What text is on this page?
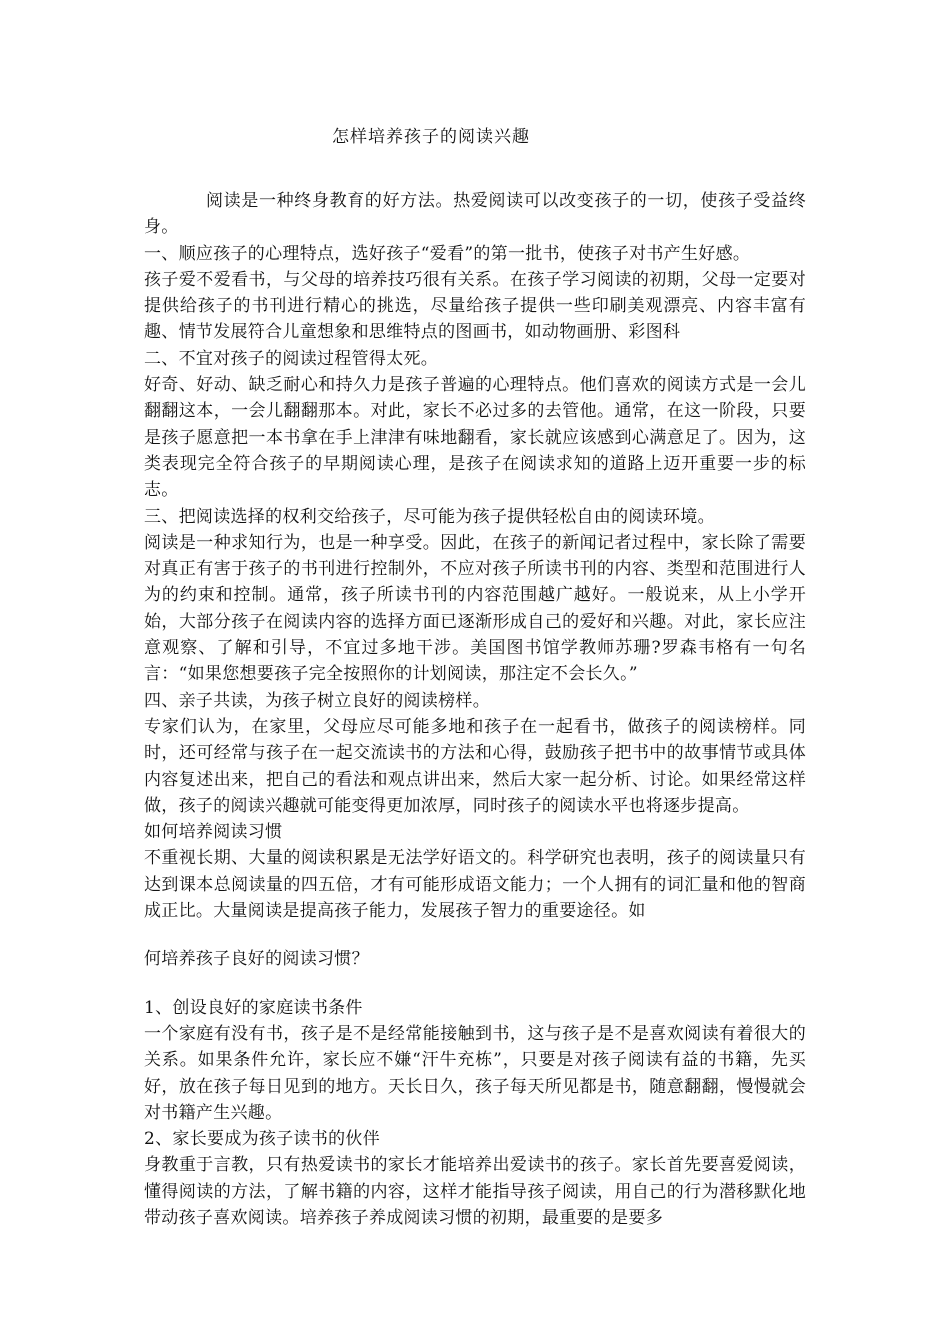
怎样培养孩子的阅读兴趣

阅读是一种终身教育的好方法。热爱阅读可以改变孩子的一切，使孩子受益终身。

一、顺应孩子的心理特点，选好孩子“爱看”的第一批书，使孩子对书产生好感。

孩子爱不爱看书，与父母的培养技巧很有关系。在孩子学习阅读的初期，父母一定要对提供给孩子的书刊进行精心的挑选，尽量给孩子提供一些印刷美观漂亮、内容丰富有趣、情节发展符合儿童想象和思维特点的图画书，如动物画册、彩图科

二、不宜对孩子的阅读过程管得太死。

好奇、好动、缺乏耐心和持久力是孩子普遍的心理特点。他们喜欢的阅读方式是一会儿翻翻这本，一会儿翻翻那本。对此，家长不必过多的去管他。通常，在这一阶段，只要是孩子愿意把一本书拿在手上津津有味地翻看，家长就应该感到心满意足了。因为，这类表现完全符合孩子的早期阅读心理，是孩子在阅读求知的道路上迈开重要一步的标志。

三、把阅读选择的权利交给孩子，尽可能为孩子提供轻松自由的阅读环境。

阅读是一种求知行为，也是一种享受。因此，在孩子的新闻记者过程中，家长除了需要对真正有害于孩子的书刊进行控制外，不应对孩子所读书刊的内容、类型和范围进行人为的约束和控制。通常，孩子所读书刊的内容范围越广越好。一般说来，从上小学开始，大部分孩子在阅读内容的选择方面已逐渐形成自己的爱好和兴趣。对此，家长应注意观察、了解和引导，不宜过多地干涉。美国图书馆学教师苏珊?罗森韦格有一句名言：“如果您想要孩子完全按照你的计划阅读，那注定不会长久。”

四、亲子共读，为孩子树立良好的阅读榜样。

专家们认为，在家里，父母应尽可能多地和孩子在一起看书，做孩子的阅读榜样。同时，还可经常与孩子在一起交流读书的方法和心得，鼓励孩子把书中的故事情节或具体内容复述出来，把自己的看法和观点讲出来，然后大家一起分析、讨论。如果经常这样做，孩子的阅读兴趣就可能变得更加浓厚，同时孩子的阅读水平也将逐步提高。

如何培养阅读习惯

不重视长期、大量的阅读积累是无法学好语文的。科学研究也表明，孩子的阅读量只有达到课本总阅读量的四五倍，才有可能形成语文能力；一个人拥有的词汇量和他的智商成正比。大量阅读是提高孩子能力，发展孩子智力的重要途径。如

何培养孩子良好的阅读习惯？

1、创设良好的家庭读书条件

一个家庭有没有书，孩子是不是经常能接触到书，这与孩子是不是喜欢阅读有着很大的关系。如果条件允许，家长应不嫌“汗牛充栋”，只要是对孩子阅读有益的书籍，先买好，放在孩子每日见到的地方。天长日久，孩子每天所见都是书，随意翻翻，慢慢就会对书籍产生兴趣。

2、家长要成为孩子读书的伙伴

身教重于言教，只有热爱读书的家长才能培养出爱读书的孩子。家长首先要喜爱阅读，懂得阅读的方法，了解书籍的内容，这样才能指导孩子阅读，用自己的行为潜移默化地带动孩子喜欢阅读。培养孩子养成阅读习惯的初期，最重要的是要多
